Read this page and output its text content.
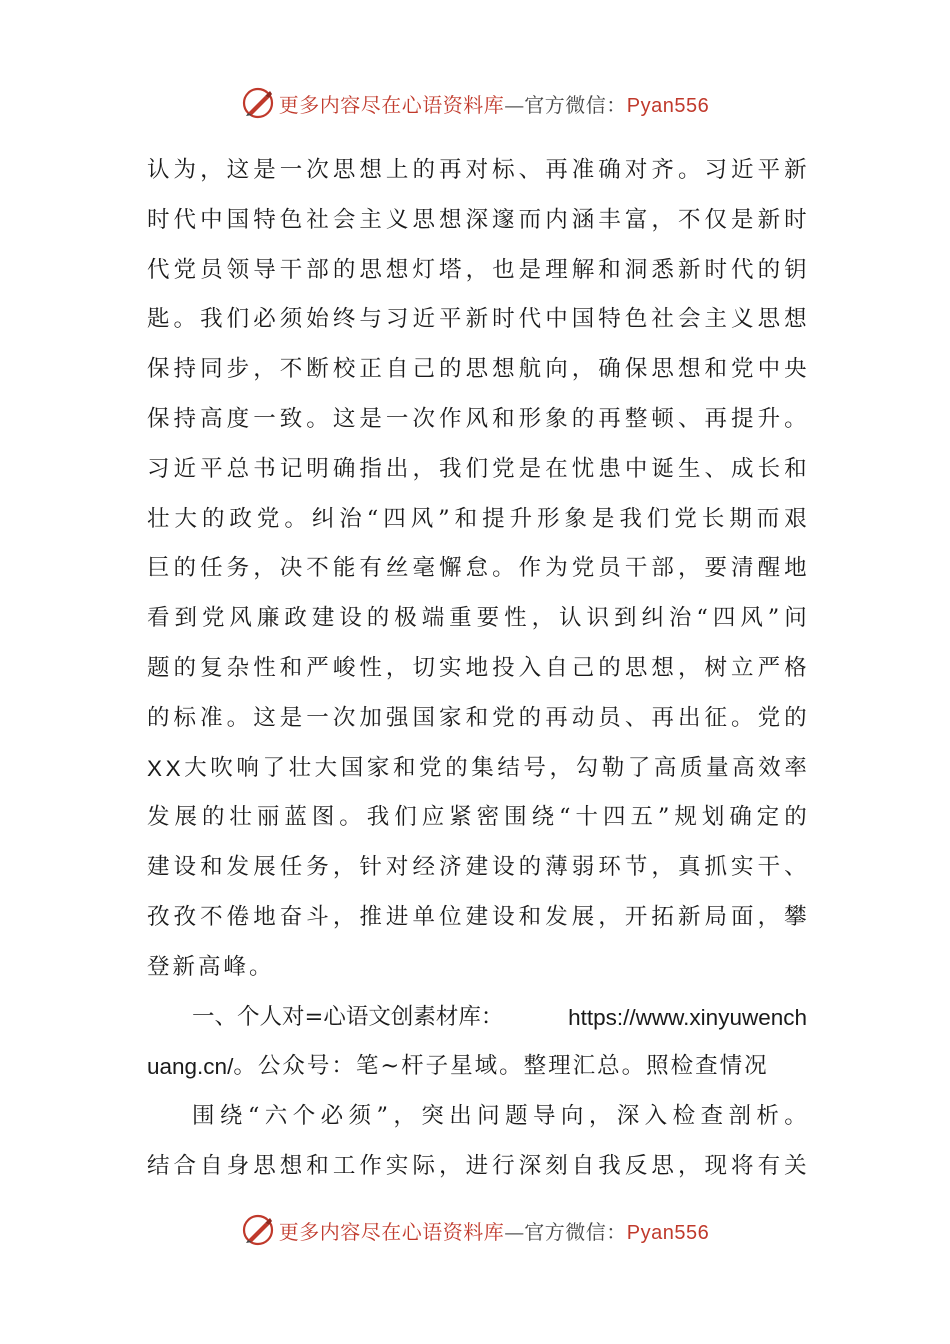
更多内容尽在心语资料库—官方微信：Pyan556
认 为 ， 这 是 一 次 思 想 上 的 再 对 标 、 再 准 确 对 齐 。 习 近 平 新
时 代 中 国 特 色 社 会 主 义 思 想 深 邃 而 内 涵 丰 富 ， 不 仅 是 新 时
代 党 员 领 导 干 部 的 思 想 灯 塔 ， 也 是 理 解 和 洞 悉 新 时 代 的 钥
匙 。 我 们 必 须 始 终 与 习 近 平 新 时 代 中 国 特 色 社 会 主 义 思 想
保 持 同 步 ， 不 断 校 正 自 己 的 思 想 航 向 ， 确 保 思 想 和 党 中 央
保 持 高 度 一 致 。 这 是 一 次 作 风 和 形 象 的 再 整 顿 、 再 提 升 。
习 近 平 总 书 记 明 确 指 出 ， 我 们 党 是 在 忧 患 中 诞 生 、 成 长 和
壮 大 的 政 党 。 纠 治 “ 四 风 ” 和 提 升 形 象 是 我 们 党 长 期 而 艰
巨 的 任 务 ， 决 不 能 有 丝 毫 懈 怠 。 作 为 党 员 干 部 ， 要 清 醒 地
看 到 党 风 廉 政 建 设 的 极 端 重 要 性 ， 认 识 到 纠 治 “ 四 风 ” 问
题 的 复 杂 性 和 严 峻 性 ， 切 实 地 投 入 自 己 的 思 想 ， 树 立 严 格
的 标 准 。 这 是 一 次 加 强 国 家 和 党 的 再 动 员 、 再 出 征 。 党 的
X X 大 吹 响 了 壮 大 国 家 和 党 的 集 结 号 ， 勾 勒 了 高 质 量 高 效 率
发 展 的 壮 丽 蓝 图 。 我 们 应 紧 密 围 绕 “ 十 四 五 ” 规 划 确 定 的
建 设 和 发 展 任 务 ， 针 对 经 济 建 设 的 薄 弱 环 节 ， 真 抓 实 干 、
孜 孜 不 倦 地 奋 斗 ， 推 进 单 位 建 设 和 发 展 ， 开 拓 新 局 面 ， 攀
登新高峰。
一、个人对=心语文创素材库：	https://www.xinyuwench
uang.cn/ 。公众号：笔~杆子星域。整理汇总。照检查情况
围 绕 “ 六 个 必 须 ” ， 突 出 问 题 导 向 ， 深 入 检 查 剖 析 。
结 合 自 身 思 想 和 工 作 实 际 ， 进 行 深 刻 自 我 反 思 ， 现 将 有 关
更多内容尽在心语资料库—官方微信：Pyan556
